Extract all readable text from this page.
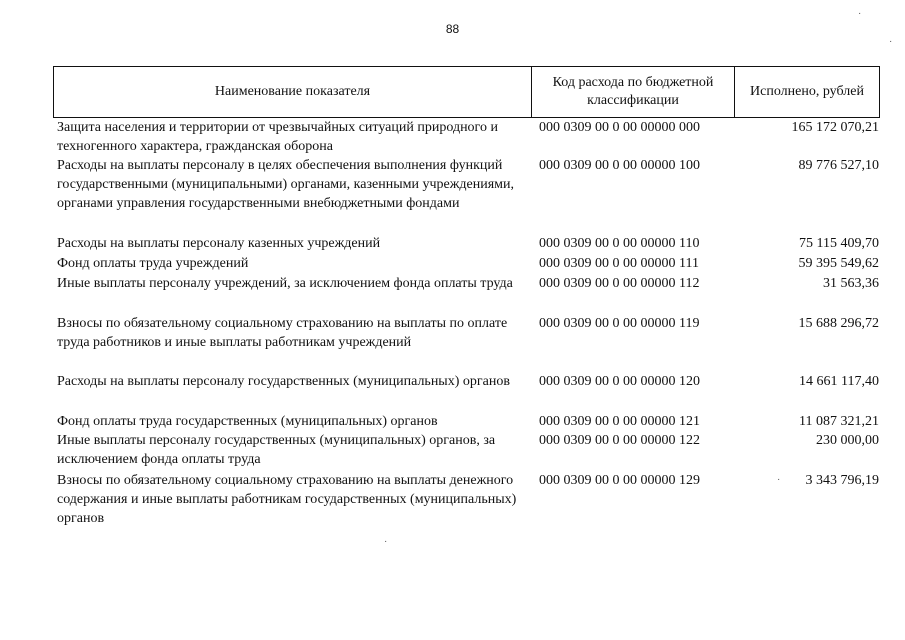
88
Наименование показателя
Код расхода по бюджетной классификации
Исполнено, рублей
Защита населения и территории от чрезвычайных ситуаций природного и техногенного характера, гражданская оборона
000 0309 00 0 00 00000 000	165 172 070,21
Расходы на выплаты персоналу в целях обеспечения выполнения функций государственными (муниципальными) органами, казенными учреждениями, органами управления государственными внебюджетными фондами
000 0309 00 0 00 00000 100	89 776 527,10
Расходы на выплаты персоналу казенных учреждений	000 0309 00 0 00 00000 110	75 115 409,70
Фонд оплаты труда учреждений	000 0309 00 0 00 00000 111	59 395 549,62
Иные выплаты персоналу учреждений, за исключением фонда оплаты труда	000 0309 00 0 00 00000 112	31 563,36
Взносы по обязательному социальному страхованию на выплаты по оплате труда работников и иные выплаты работникам учреждений
000 0309 00 0 00 00000 119	15 688 296,72
Расходы на выплаты персоналу государственных (муниципальных) органов	000 0309 00 0 00 00000 120	14 661 117,40
Фонд оплаты труда государственных (муниципальных) органов	000 0309 00 0 00 00000 121	11 087 321,21
Иные выплаты персоналу государственных (муниципальных) органов, за исключением фонда оплаты труда
000 0309 00 0 00 00000 122	230 000,00
Взносы по обязательному социальному страхованию на выплаты денежного содержания и иные выплаты работникам государственных (муниципальных) органов
000 0309 00 0 00 00000 129	3 343 796,19
·
·
·
·
